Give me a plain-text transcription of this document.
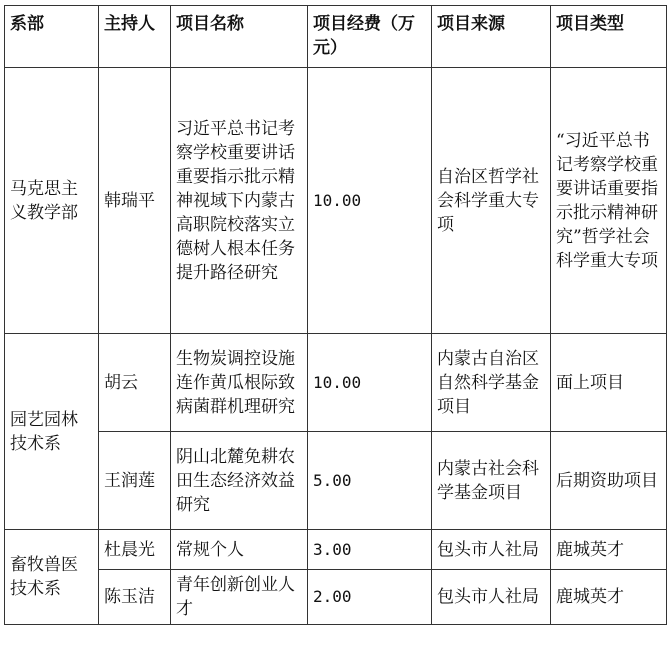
系部	主持人	项目名称	项目经费（万元）	项目来源	项目类型
马克思主义教学部	韩瑞平	习近平总书记考察学校重要讲话重要指示批示精神视域下内蒙古高职院校落实立德树人根本任务提升路径研究	10.00	自治区哲学社会科学重大专项	“习近平总书记考察学校重要讲话重要指示批示精神研究”哲学社会科学重大专项
园艺园林技术系	胡云	生物炭调控设施连作黄瓜根际致病菌群机理研究	10.00	内蒙古自治区自然科学基金项目	面上项目
	王润莲	阴山北麓免耕农田生态经济效益研究	5.00	内蒙古社会科学基金项目	后期资助项目
畜牧兽医技术系	杜晨光	常规个人	3.00	包头市人社局	鹿城英才
	陈玉洁	青年创新创业人才	2.00	包头市人社局	鹿城英才
